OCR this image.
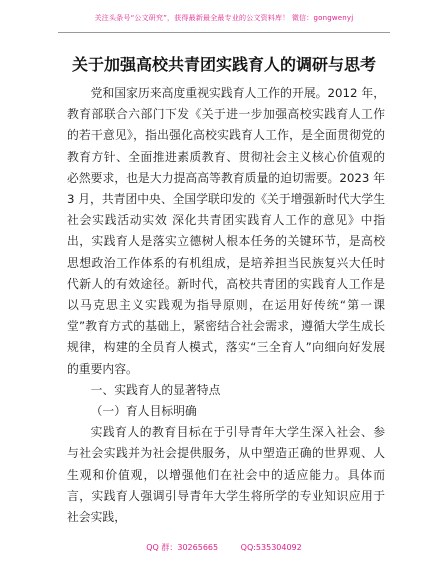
关注头条号“公文研究”，获得最新最全最专业的公文资料库！ 微信：gongwenyj
关于加强高校共青团实践育人的调研与思考

党和国家历来高度重视实践育人工作的开展。2012 年，教育部联合六部门下发《关于进一步加强高校实践育人工作的若干意见》，指出强化高校实践育人工作，是全面贯彻党的教育方针、全面推进素质教育、贯彻社会主义核心价值观的必然要求，也是大力提高高等教育质量的迫切需要。2023 年 3 月，共青团中央、全国学联印发的《关于增强新时代大学生社会实践活动实效 深化共青团实践育人工作的意见》中指出，实践育人是落实立德树人根本任务的关键环节，是高校思想政治工作体系的有机组成，是培养担当民族复兴大任时代新人的有效途径。新时代，高校共青团的实践育人工作是以马克思主义实践观为指导原则，在运用好传统“第一课堂”教育方式的基础上，紧密结合社会需求，遵循大学生成长规律，构建的全员育人模式，落实“三全育人”向细向好发展的重要内容。

一、实践育人的显著特点

（一）育人目标明确

实践育人的教育目标在于引导青年大学生深入社会、参与社会实践并为社会提供服务，从中塑造正确的世界观、人生观和价值观，以增强他们在社会中的适应能力。具体而言，实践育人强调引导青年大学生将所学的专业知识应用于社会实践，

QQ 群：30265665	QQ:535304092
